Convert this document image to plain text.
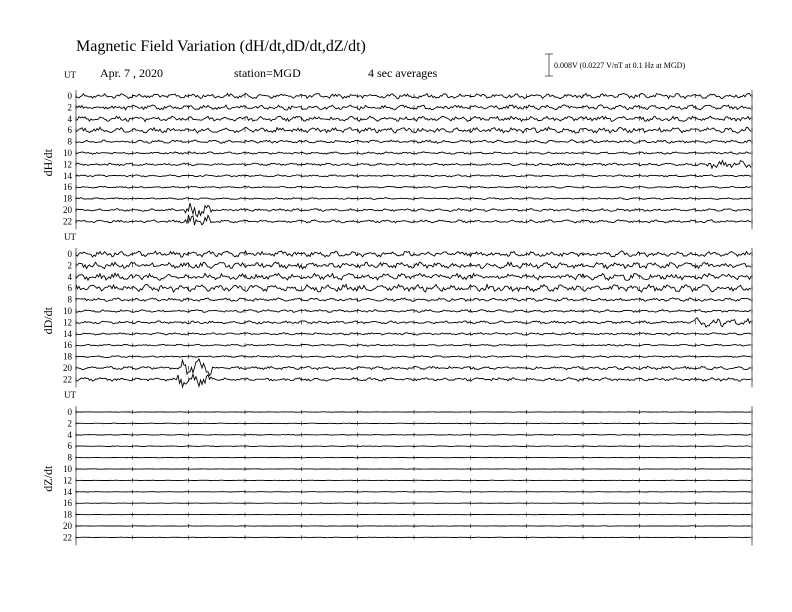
Magnetic Field Variation (dH/dt,dD/dt,dZ/dt)
Apr. 7 , 2020	station=MGD	4 sec averages
0.008V (0.0227 V/nT at 0.1 Hz at MGD)
UT
dH/dt
0
2
4
6
8
10
12
14
16
18
20
22
UT
dD/dt
0
2
4
6
8
10
12
14
16
18
20
22
UT
dZ/dt
0
2
4
6
8
10
12
14
16
18
20
22
